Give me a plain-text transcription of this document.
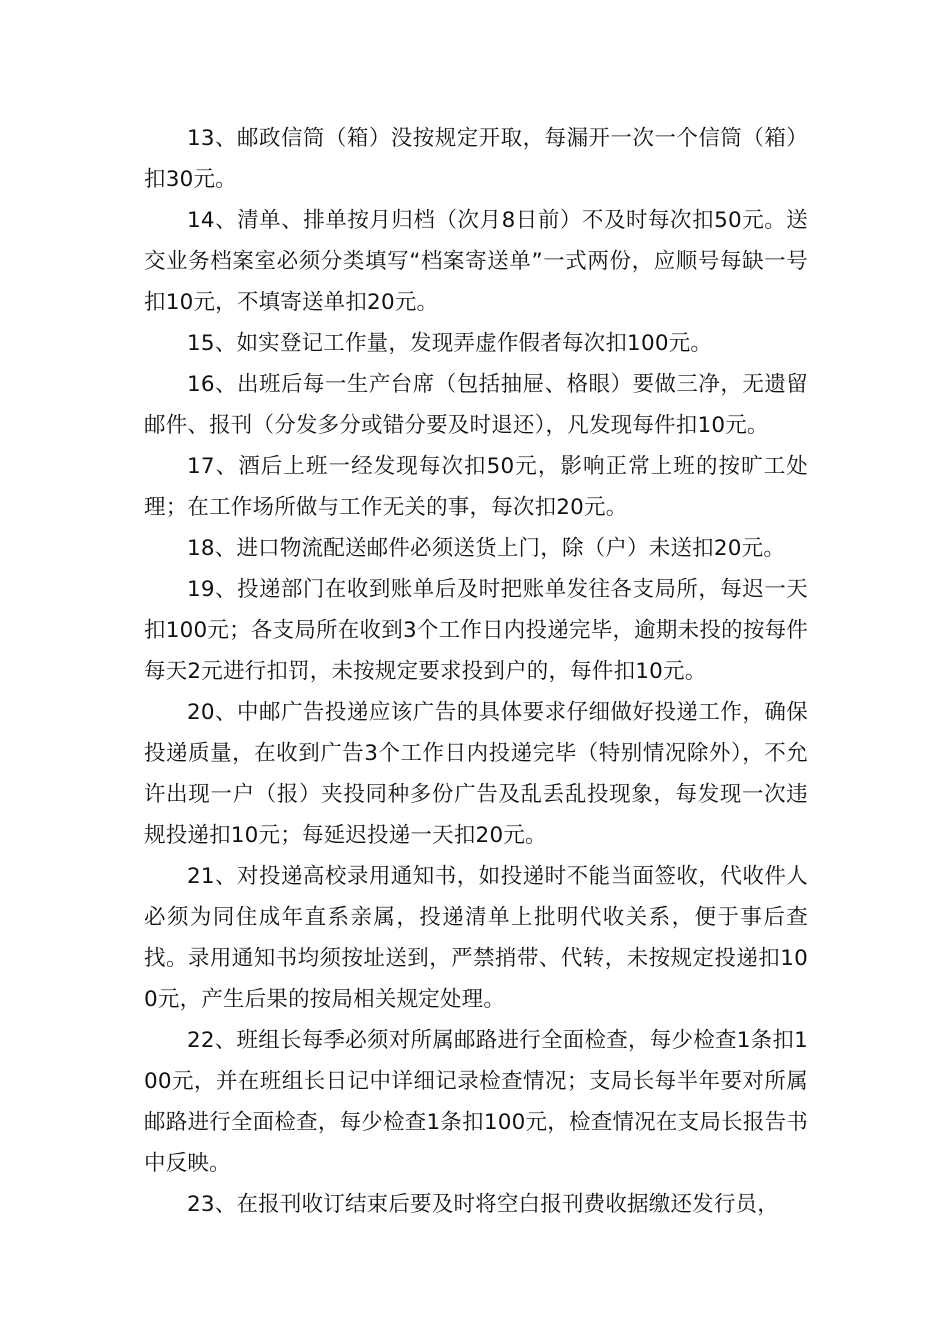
13、邮政信筒（箱）没按规定开取，每漏开一次一个信筒（箱）扣30元。

14、清单、排单按月归档（次月8日前）不及时每次扣50元。送交业务档案室必须分类填写“档案寄送单”一式两份，应顺号每缺一号扣10元，不填寄送单扣20元。

15、如实登记工作量，发现弄虚作假者每次扣100元。

16、出班后每一生产台席（包括抽屉、格眼）要做三净，无遗留邮件、报刊（分发多分或错分要及时退还），凡发现每件扣10元。

17、酒后上班一经发现每次扣50元，影响正常上班的按旷工处理；在工作场所做与工作无关的事，每次扣20元。

18、进口物流配送邮件必须送货上门，除（户）未送扣20元。

19、投递部门在收到账单后及时把账单发往各支局所，每迟一天扣100元；各支局所在收到3个工作日内投递完毕，逾期未投的按每件每天2元进行扣罚，未按规定要求投到户的，每件扣10元。

20、中邮广告投递应该广告的具体要求仔细做好投递工作，确保投递质量，在收到广告3个工作日内投递完毕（特别情况除外），不允许出现一户（报）夹投同种多份广告及乱丢乱投现象，每发现一次违规投递扣10元；每延迟投递一天扣20元。

21、对投递高校录用通知书，如投递时不能当面签收，代收件人必须为同住成年直系亲属，投递清单上批明代收关系，便于事后查找。录用通知书均须按址送到，严禁捎带、代转，未按规定投递扣100元，产生后果的按局相关规定处理。

22、班组长每季必须对所属邮路进行全面检查，每少检查1条扣100元，并在班组长日记中详细记录检查情况；支局长每半年要对所属邮路进行全面检查，每少检查1条扣100元，检查情况在支局长报告书中反映。

23、在报刊收订结束后要及时将空白报刊费收据缴还发行员，
